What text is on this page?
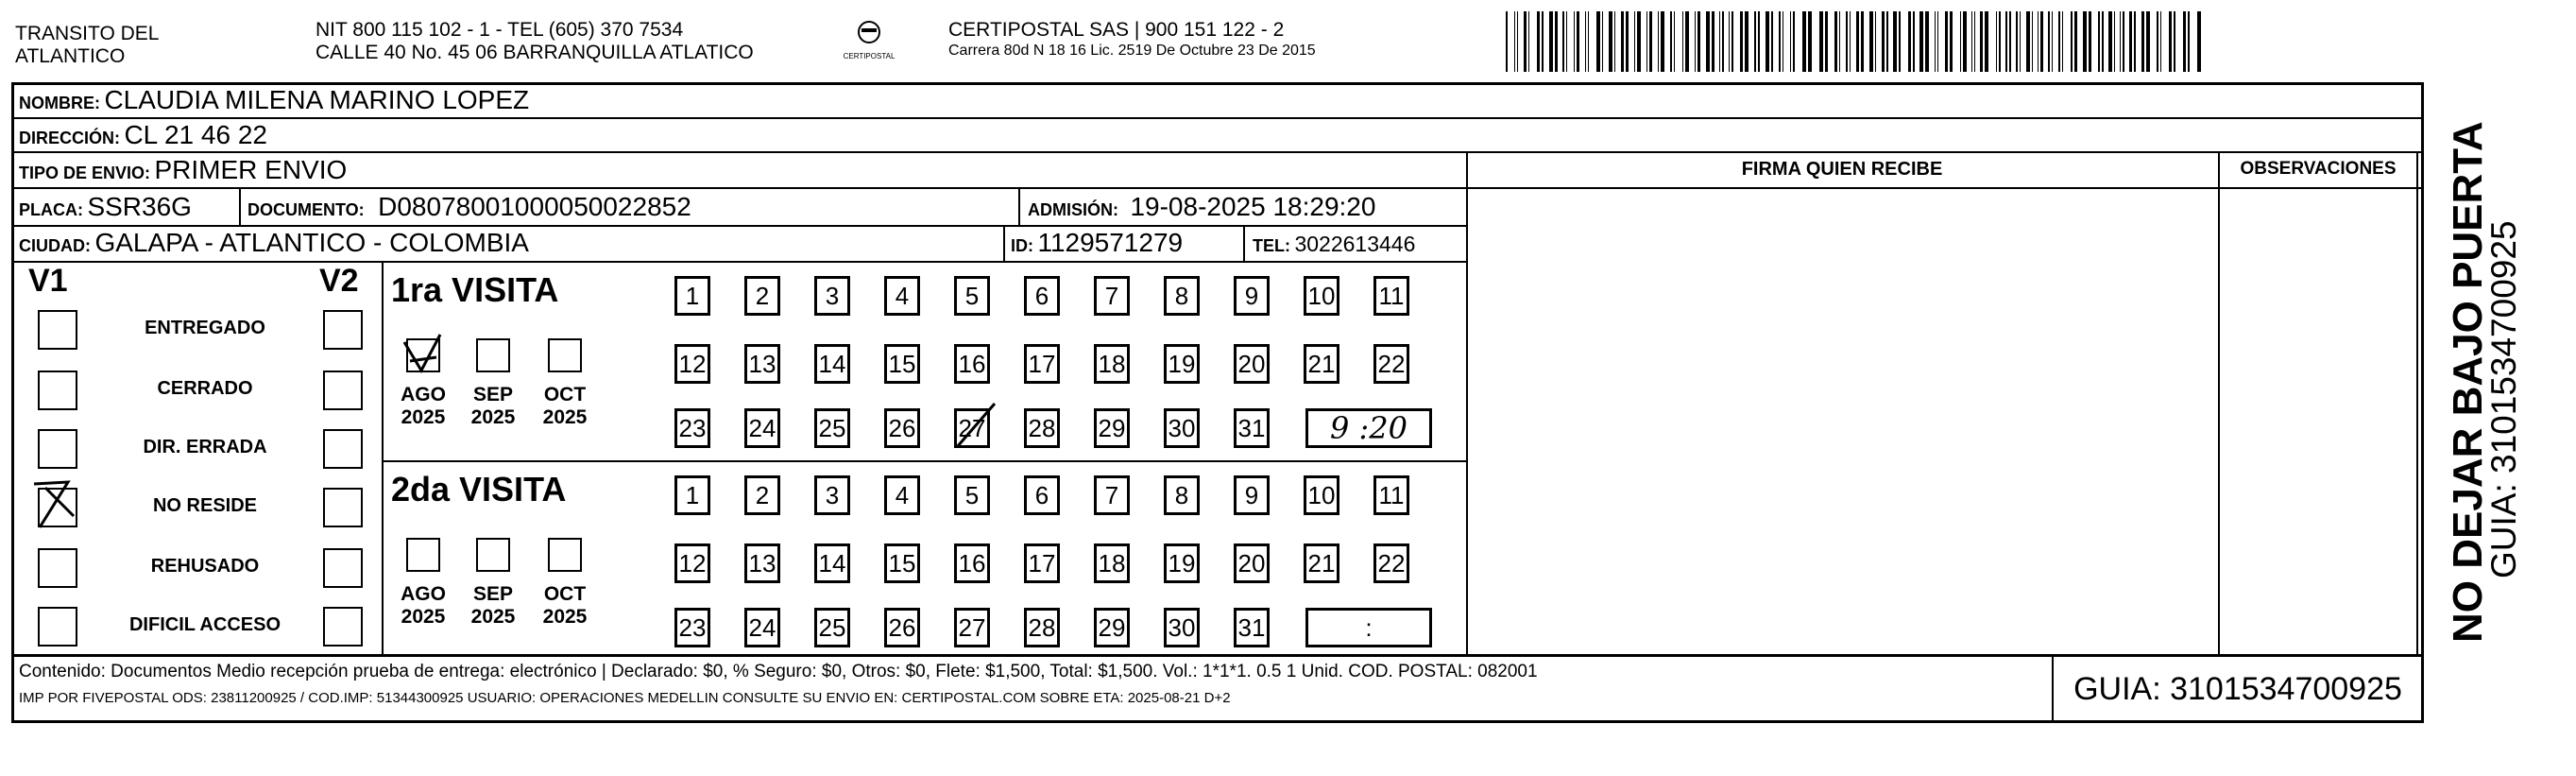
TRANSITO DEL
ATLANTICO
NIT 800 115 102 - 1 - TEL (605) 370 7534
CALLE 40 No. 45 06 BARRANQUILLA ATLATICO	CERTIPOSTAL
CERTIPOSTAL SAS | 900 151 122 - 2
Carrera 80d N 18 16 Lic. 2519 De Octubre 23 De 2015
NOMBRE: CLAUDIA MILENA MARINO LOPEZ
DIRECCIÓN: CL 21 46 22
TIPO DE ENVIO: PRIMER ENVIO
PLACA: SSR36G	DOCUMENTO: D08078001000050022852	ADMISIÓN: 19-08-2025 18:29:20
CIUDAD: GALAPA - ATLANTICO - COLOMBIA	ID: 1129571279	TEL: 3022613446
FIRMA QUIEN RECIBE	OBSERVACIONES
V1	V2
ENTREGADO
CERRADO
DIR. ERRADA
NO RESIDE
REHUSADO
DIFICIL ACCESO
1ra VISITA
AGO
2025
SEP
2025
OCT
2025
1	2	3	4	5	6	7	8	9	10 11
12 13 14 15 16 17 18 19 20 21 22
23 24 25 26 27 28 29 30 31	9 :20
2da VISITA
AGO
2025
SEP
2025
OCT
2025
1	2	3	4	5	6	7	8	9	10 11
12 13 14 15 16 17 18 19 20 21 22
23 24 25 26 27 28 29 30 31	:	NO DEJAR BAJO PUERTA
GUIA: 3101534700925
Contenido: Documentos Medio recepción prueba de entrega: electrónico | Declarado: $0, % Seguro: $0, Otros: $0, Flete: $1,500, Total: $1,500. Vol.: 1*1*1. 0.5 1 Unid. COD. POSTAL: 082001
IMP POR FIVEPOSTAL ODS: 23811200925 / COD.IMP: 51344300925 USUARIO: OPERACIONES MEDELLIN CONSULTE SU ENVIO EN: CERTIPOSTAL.COM SOBRE ETA: 2025-08-21 D+2	GUIA: 3101534700925
